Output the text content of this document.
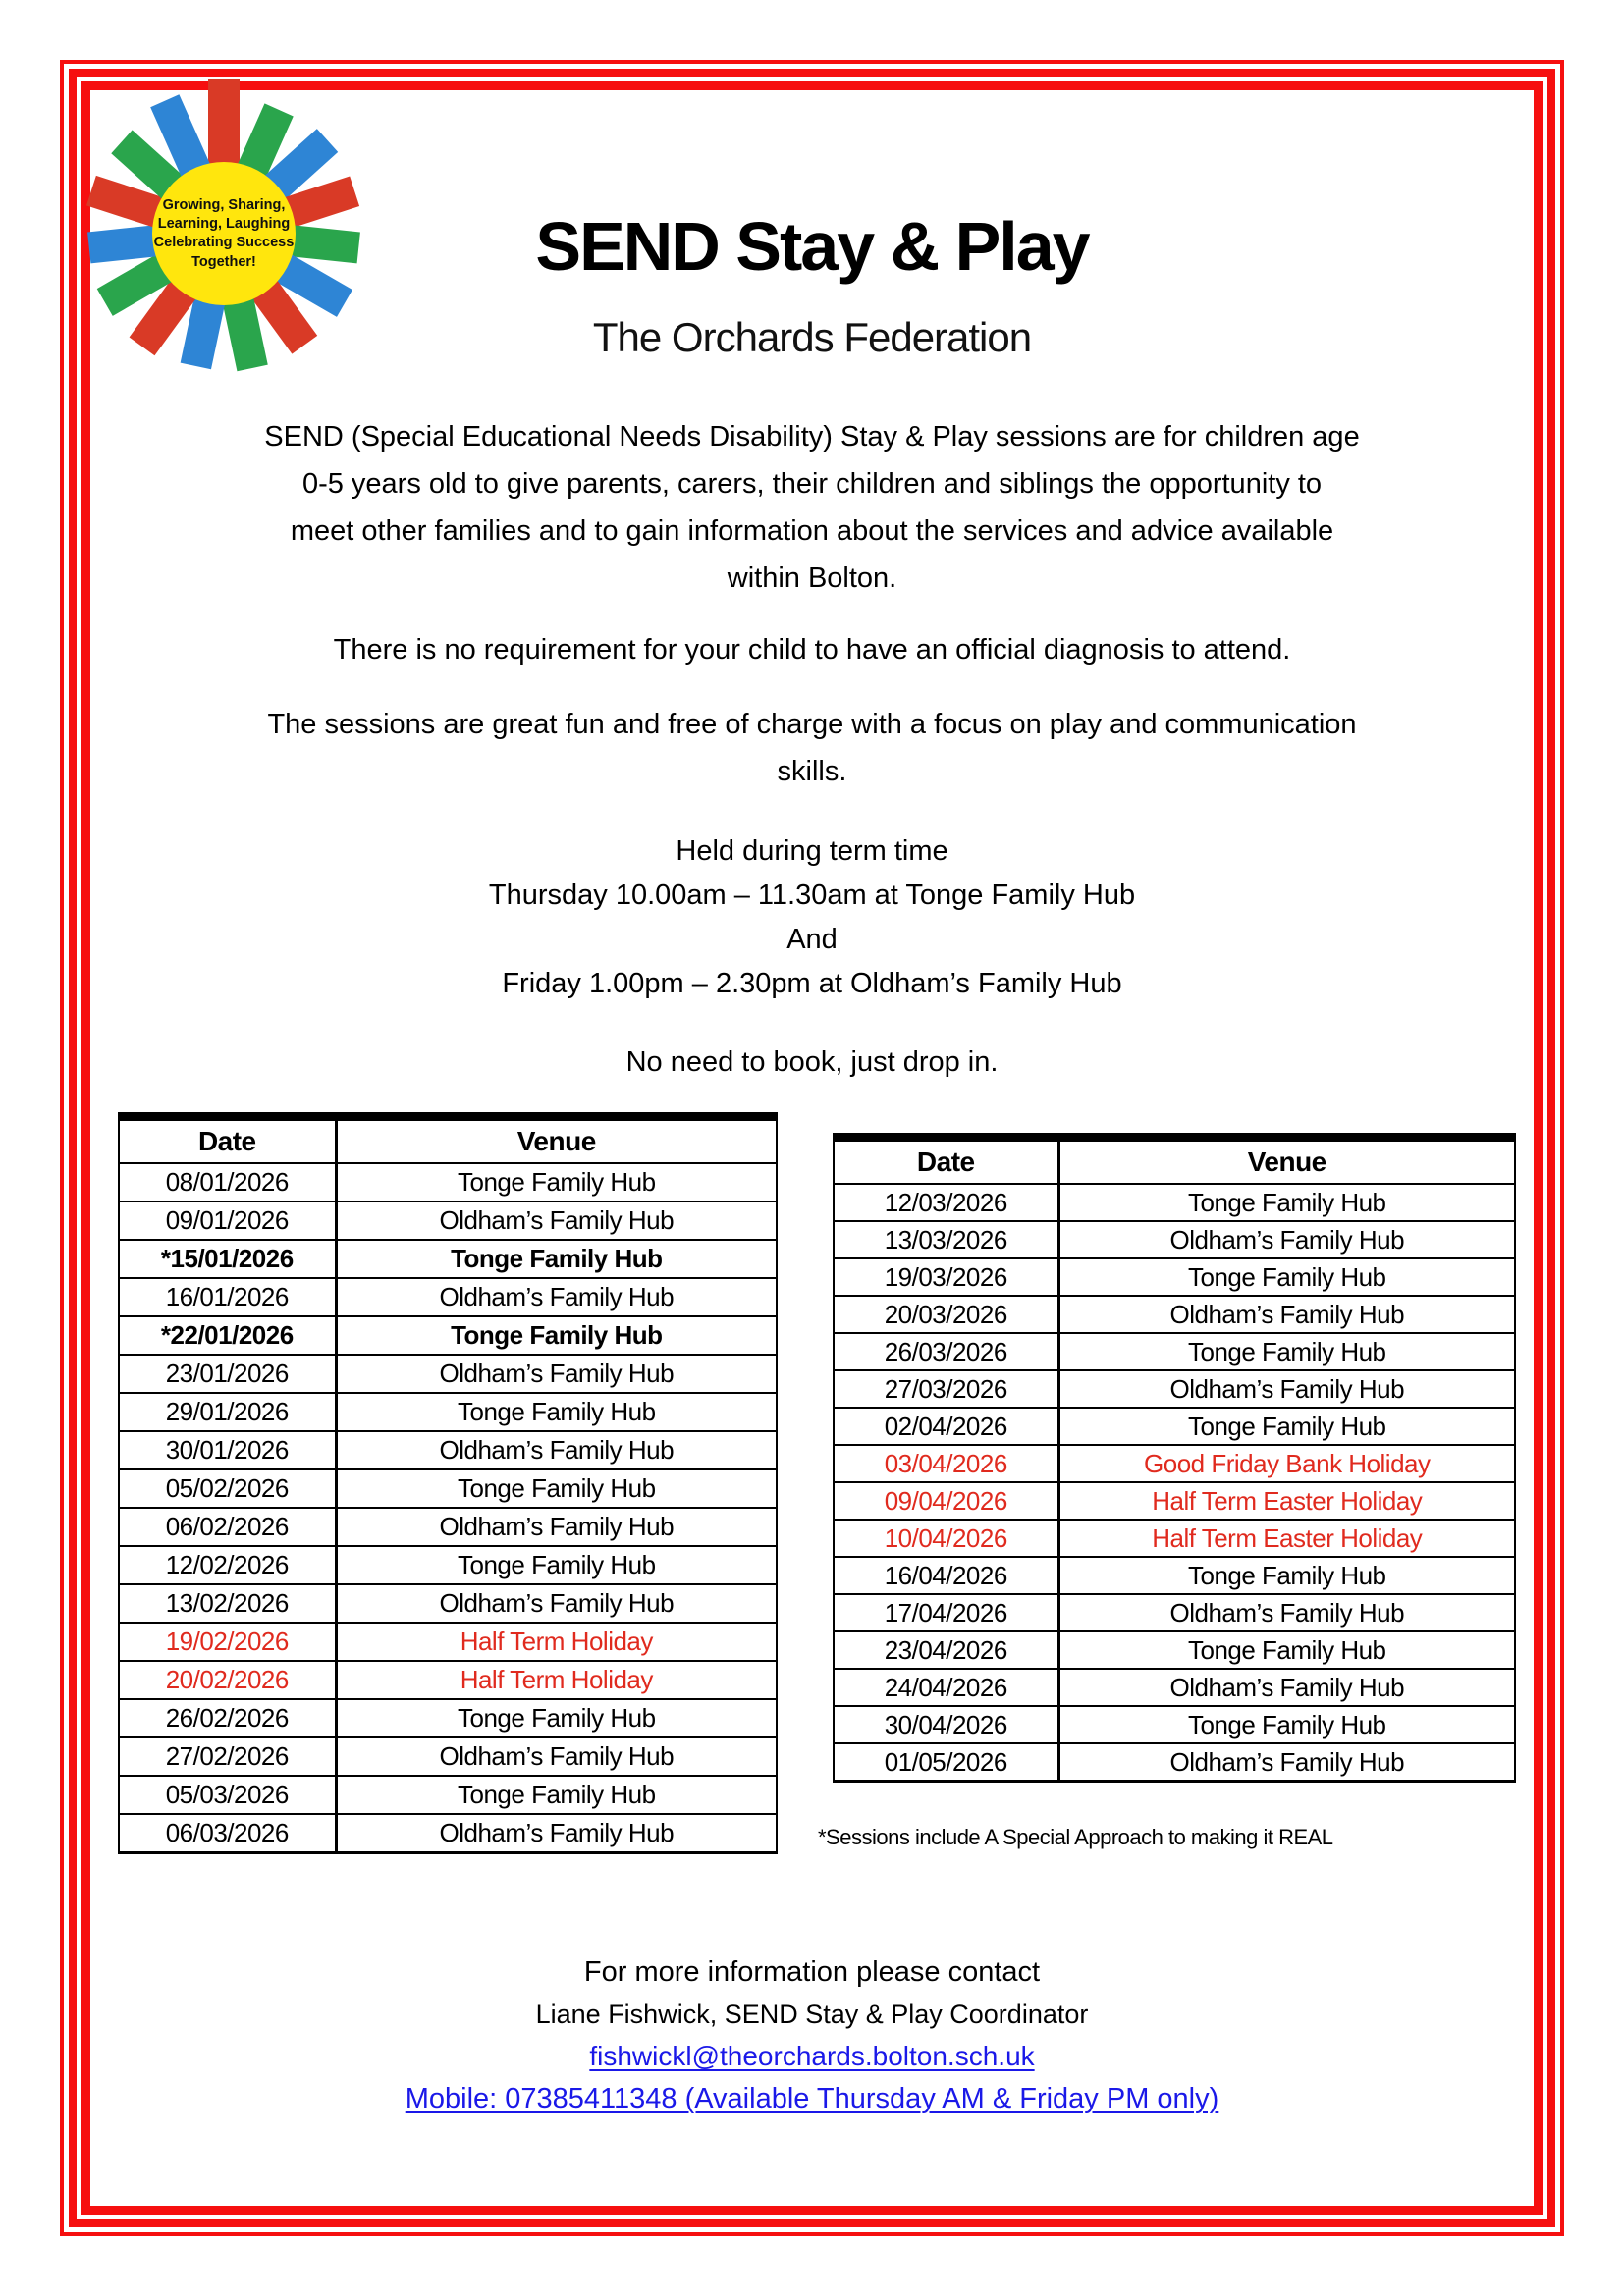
Growing, Sharing,
Learning, Laughing
Celebrating Success
Together!	SEND Stay & Play
The Orchards Federation
SEND (Special Educational Needs Disability) Stay & Play sessions are for children age
0-5 years old to give parents, carers, their children and siblings the opportunity to
meet other families and to gain information about the services and advice available
within Bolton.
There is no requirement for your child to have an official diagnosis to attend.
The sessions are great fun and free of charge with a focus on play and communication
skills.
Held during term time
Thursday 10.00am – 11.30am at Tonge Family Hub
And
Friday 1.00pm – 2.30pm at Oldham’s Family Hub
No need to book, just drop in.
Date	Venue
08/01/2026	Tonge Family Hub
09/01/2026	Oldham’s Family Hub
*15/01/2026	Tonge Family Hub
16/01/2026	Oldham’s Family Hub
*22/01/2026	Tonge Family Hub
23/01/2026	Oldham’s Family Hub
29/01/2026	Tonge Family Hub
30/01/2026	Oldham’s Family Hub
05/02/2026	Tonge Family Hub
06/02/2026	Oldham’s Family Hub
12/02/2026	Tonge Family Hub
13/02/2026	Oldham’s Family Hub
19/02/2026	Half Term Holiday
20/02/2026	Half Term Holiday
26/02/2026	Tonge Family Hub
27/02/2026	Oldham’s Family Hub
05/03/2026	Tonge Family Hub
06/03/2026	Oldham’s Family Hub
Date	Venue
12/03/2026	Tonge Family Hub
13/03/2026	Oldham’s Family Hub
19/03/2026	Tonge Family Hub
20/03/2026	Oldham’s Family Hub
26/03/2026	Tonge Family Hub
27/03/2026	Oldham’s Family Hub
02/04/2026	Tonge Family Hub
03/04/2026	Good Friday Bank Holiday
09/04/2026	Half Term Easter Holiday
10/04/2026	Half Term Easter Holiday
16/04/2026	Tonge Family Hub
17/04/2026	Oldham’s Family Hub
23/04/2026	Tonge Family Hub
24/04/2026	Oldham’s Family Hub
30/04/2026	Tonge Family Hub
01/05/2026	Oldham’s Family Hub
*Sessions include A Special Approach to making it REAL
For more information please contact
Liane Fishwick, SEND Stay & Play Coordinator
fishwickl@theorchards.bolton.sch.uk
Mobile: 07385411348 (Available Thursday AM & Friday PM only)
